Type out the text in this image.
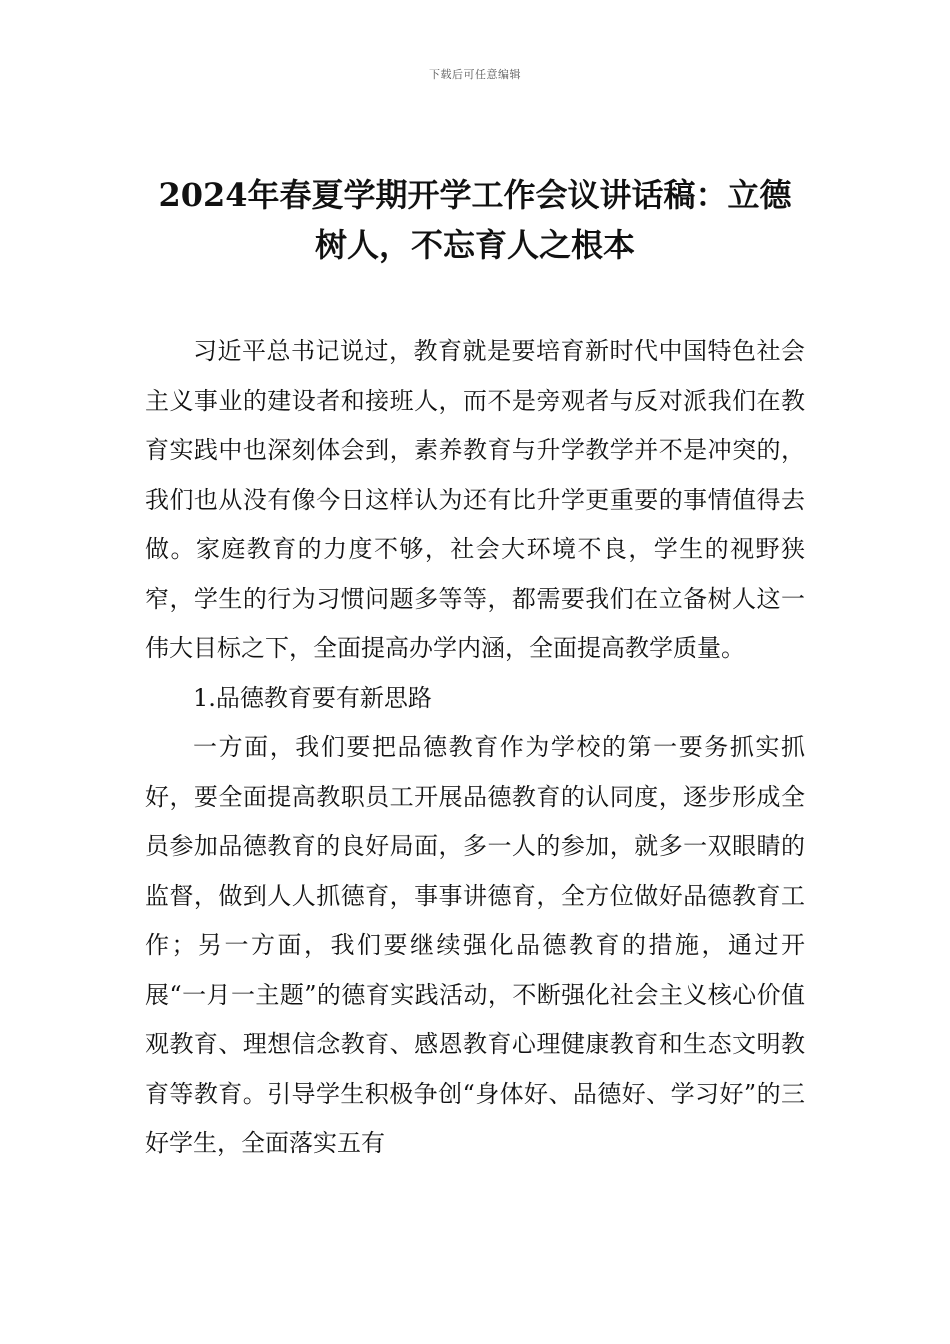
下载后可任意编辑
2024年春夏学期开学工作会议讲话稿：立德树人，不忘育人之根本

习近平总书记说过，教育就是要培育新时代中国特色社会主义事业的建设者和接班人，而不是旁观者与反对派我们在教育实践中也深刻体会到，素养教育与升学教学并不是冲突的，我们也从没有像今日这样认为还有比升学更重要的事情值得去做。家庭教育的力度不够，社会大环境不良，学生的视野狭窄，学生的行为习惯问题多等等，都需要我们在立备树人这一伟大目标之下，全面提高办学内涵，全面提高教学质量。

1.品德教育要有新思路

一方面，我们要把品德教育作为学校的第一要务抓实抓好，要全面提高教职员工开展品德教育的认同度，逐步形成全员参加品德教育的良好局面，多一人的参加，就多一双眼睛的监督，做到人人抓德育，事事讲德育，全方位做好品德教育工作；另一方面，我们要继续强化品德教育的措施，通过开展“一月一主题”的德育实践活动，不断强化社会主义核心价值观教育、理想信念教育、感恩教育心理健康教育和生态文明教育等教育。引导学生积极争创“身体好、品德好、学习好”的三好学生，全面落实五有
